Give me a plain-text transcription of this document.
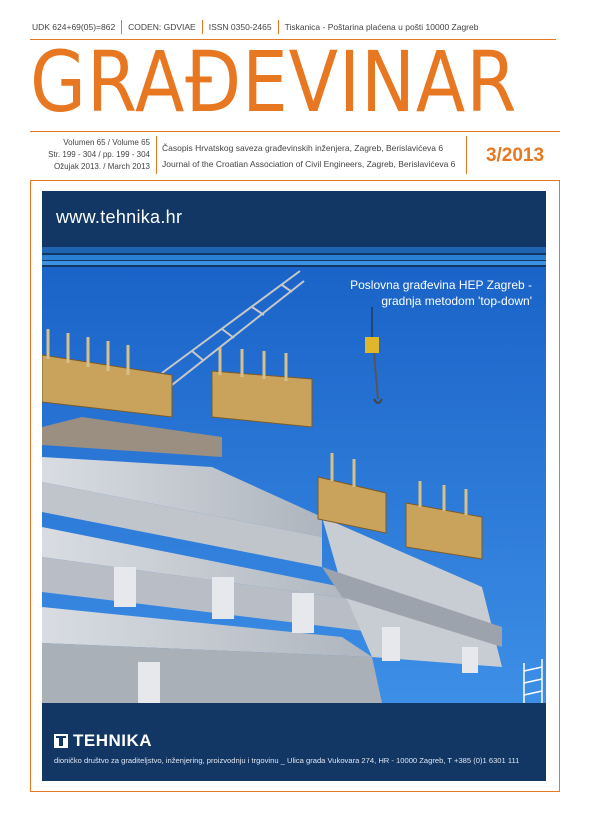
UDK 624+69(05)=862	CODEN: GDVIAE	ISSN 0350-2465	Tiskanica - Poštarina plaćena u pošti 10000 Zagreb
GRAĐEVINAR
Volumen 65 / Volume 65
Str. 199 - 304 / pp. 199 - 304
Ožujak 2013. / March 2013
Časopis Hrvatskog saveza građevinskih inženjera, Zagreb, Berislavićeva 6
Journal of the Croatian Association of Civil Engineers, Zagreb, Berislavićeva 6	3/2013
www.tehnika.hr
Poslovna građevina HEP Zagreb -
gradnja metodom 'top-down'
TEHNIKA
dioničko društvo za graditeljstvo, inženjering, proizvodnju i trgovinu _ Ulica grada Vukovara 274, HR - 10000 Zagreb, T +385 (0)1 6301 111
